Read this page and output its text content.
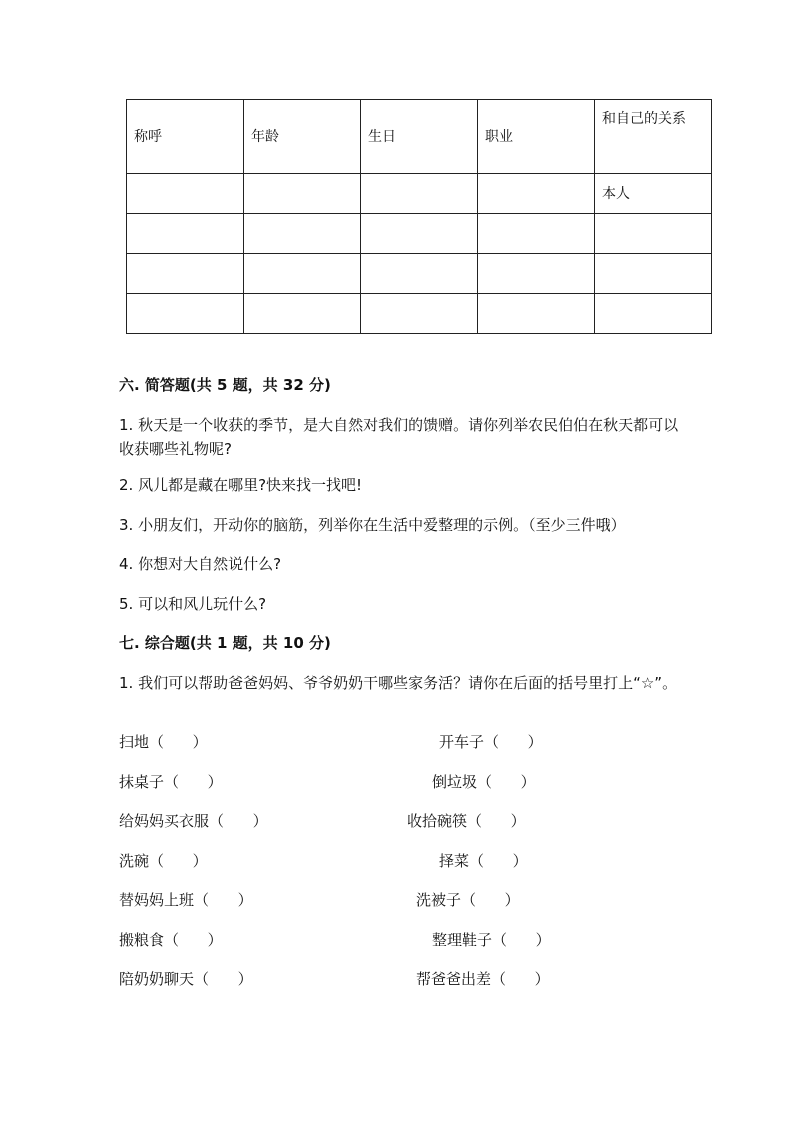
称呼	年龄	生日	职业	和自己的关系
				本人

六. 简答题(共 5 题，共 32 分)
1. 秋天是一个收获的季节，是大自然对我们的馈赠。请你列举农民伯伯在秋天都可以收获哪些礼物呢?
2. 风儿都是藏在哪里?快来找一找吧!
3. 小朋友们，开动你的脑筋，列举你在生活中爱整理的示例。（至少三件哦）
4. 你想对大自然说什么?
5. 可以和风儿玩什么?
七. 综合题(共 1 题，共 10 分)
1. 我们可以帮助爸爸妈妈、爷爷奶奶干哪些家务活？请你在后面的括号里打上“☆”。
扫地（      ）
抹桌子（      ）
给妈妈买衣服（      ）
洗碗（      ）
替妈妈上班（      ）
搬粮食（      ）
陪奶奶聊天（      ）
开车子（      ）
倒垃圾（      ）
收拾碗筷（      ）
择菜（      ）
洗被子（      ）
整理鞋子（      ）
帮爸爸出差（      ）
